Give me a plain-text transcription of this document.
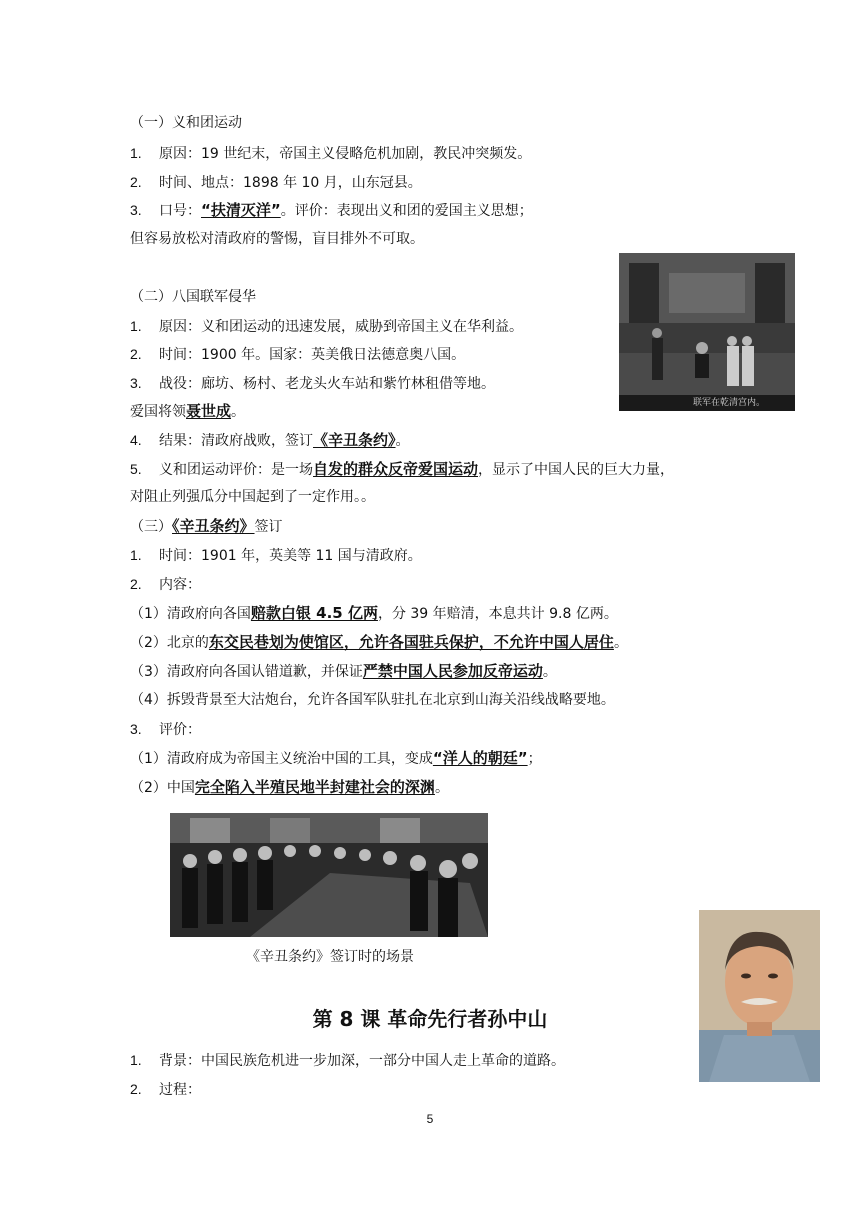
（一）义和团运动
1. 原因：19 世纪末，帝国主义侵略危机加剧，教民冲突频发。
2. 时间、地点：1898 年 10 月，山东冠县。
3. 口号：“扶清灭洋”。评价：表现出义和团的爱国主义思想；
但容易放松对清政府的警惕，盲目排外不可取。
联军在乾清宫内。
（二）八国联军侵华
1. 原因：义和团运动的迅速发展，威胁到帝国主义在华利益。
2. 时间：1900 年。国家：英美俄日法德意奥八国。
3. 战役：廊坊、杨村、老龙头火车站和紫竹林租借等地。
爱国将领聂世成。
4. 结果：清政府战败，签订《辛丑条约》。
5. 义和团运动评价：是一场自发的群众反帝爱国运动，显示了中国人民的巨大力量，
对阻止列强瓜分中国起到了一定作用。。
（三）《辛丑条约》签订
1. 时间：1901 年，英美等 11 国与清政府。
2. 内容：
（1）清政府向各国赔款白银 4.5 亿两，分 39 年赔清，本息共计 9.8 亿两。
（2）北京的东交民巷划为使馆区，允许各国驻兵保护，不允许中国人居住。
（3）清政府向各国认错道歉，并保证严禁中国人民参加反帝运动。
（4）拆毁背景至大沽炮台，允许各国军队驻扎在北京到山海关沿线战略要地。
3. 评价：
（1）清政府成为帝国主义统治中国的工具，变成“洋人的朝廷”；
（2）中国完全陷入半殖民地半封建社会的深渊。
《辛丑条约》签订时的场景
第 8 课 革命先行者孙中山
1. 背景：中国民族危机进一步加深，一部分中国人走上革命的道路。
2. 过程：
5
